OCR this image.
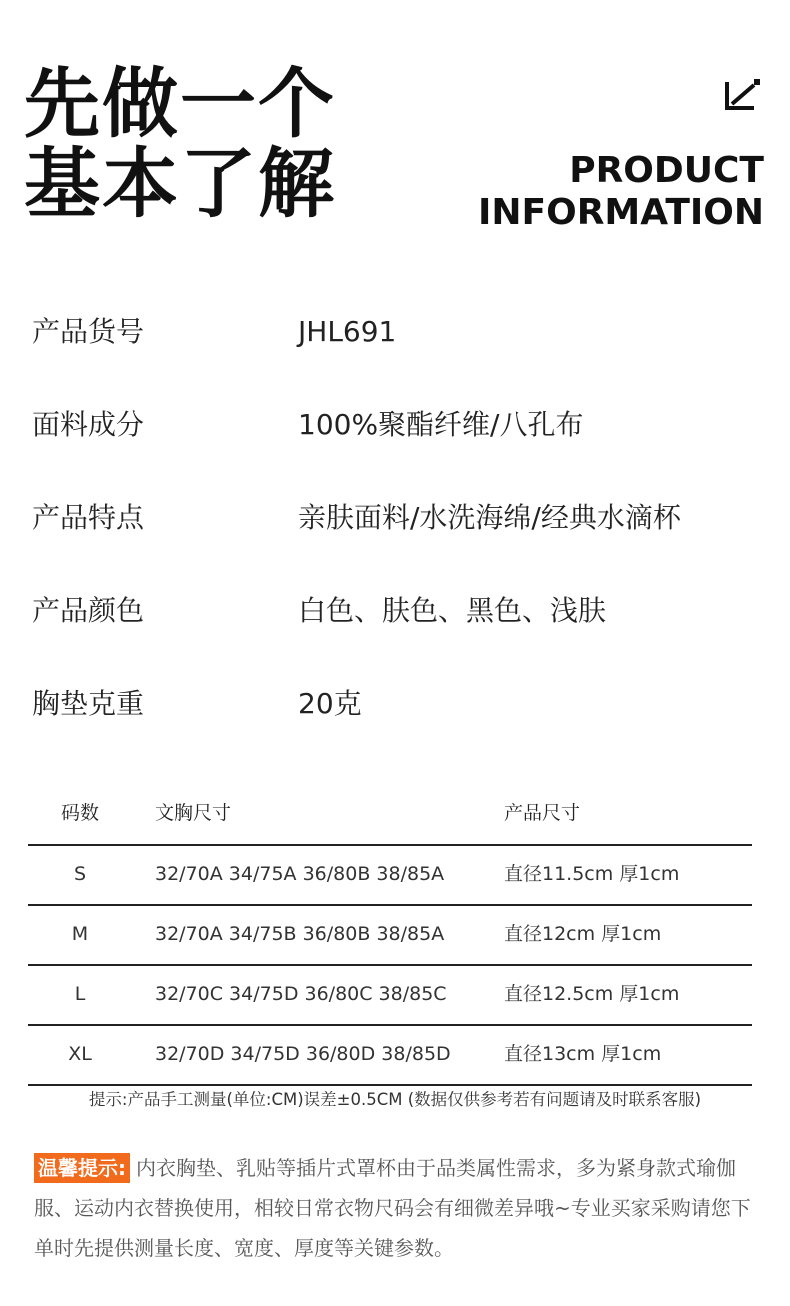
先做一个
基本了解	PRODUCT
INFORMATION
产品货号	JHL691
面料成分	100%聚酯纤维/八孔布
产品特点	亲肤面料/水洗海绵/经典水滴杯
产品颜色	白色、肤色、黑色、浅肤
胸垫克重	20克
码数	文胸尺寸	产品尺寸
S	32/70A 34/75A 36/80B 38/85A	直径11.5cm 厚1cm
M	32/70A 34/75B 36/80B 38/85A	直径12cm 厚1cm
L	32/70C 34/75D 36/80C 38/85C	直径12.5cm 厚1cm
XL	32/70D 34/75D 36/80D 38/85D	直径13cm 厚1cm
提示:产品手工测量(单位:CM)误差±0.5CM (数据仅供参考若有问题请及时联系客服)
温馨提示: 内衣胸垫、乳贴等插片式罩杯由于品类属性需求，多为紧身款式瑜伽服、运动内衣替换使用，相较日常衣物尺码会有细微差异哦~专业买家采购请您下单时先提供测量长度、宽度、厚度等关键参数。
